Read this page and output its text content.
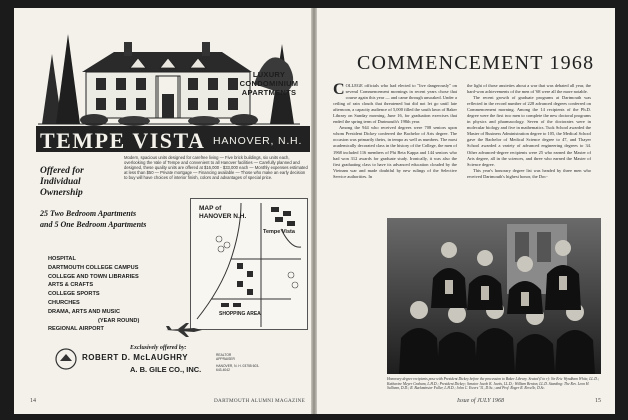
LUXURY CONDOMINIUM APARTMENTS
TEMPE VISTA HANOVER, N.H.
Offered for Individual Ownership
Modern, spacious units designed for carefree living — Five brick buildings, six units each, overlooking the Vale of Tempe and convenient to all Hanover facilities — Carefully planned and designed, these quality units are offered at $16,000 - $33,000 each — Monthly expenses estimated at less than $50 — Private mortgage — Financing available — Those who make an early decision to buy will have choices of interior finish, colors and advantages of special price.
25 Two Bedroom Apartments
and 5 One Bedroom Apartments
HOSPITAL
DARTMOUTH COLLEGE CAMPUS
COLLEGE AND TOWN LIBRARIES
ARTS & CRAFTS
COLLEGE SPORTS
CHURCHES
DRAMA, ARTS AND MUSIC
(YEAR ROUND)
REGIONAL AIRPORT
MAP of HANOVER N.H.
Tempe Vista
SHOPPING AREA
Exclusively offered by:
ROBERT D. McLAUGHRY	REALTOR APPRAISER
A. B. GILE CO., INC.	HANOVER, N. H. 03755 603-643-4042
14	DARTMOUTH ALUMNI MAGAZINE
COMMENCEMENT 1968

COLLEGE officials who had elected to "live dangerously" on several Commencement mornings in recent years chose that course again this year — and came through unsoaked. Under a ceiling of rain clouds that threatened but did not let go until late afternoon, a capacity audience of 5,000 filled the south lawn of Baker Library on Sunday morning, June 16, for graduation exercises that ended the spring term of Dartmouth's 198th year.

Among the 944 who received degrees were 708 seniors upon whom President Dickey conferred the Bachelor of Arts degree. The occasion was primarily theirs, in tempo as well as numbers. The most academically decorated class in the history of the College, the men of 1968 included 116 members of Phi Beta Kappa and 144 seniors who had won 312 awards for graduate study. Ironically, it was also the first graduating class to have its advanced education clouded by the Vietnam war and made doubtful by new rulings of the Selective Service authorities. In

the light of those anxieties about a war that was debated all year, the hard-won achievements of the men of '68 were all the more notable.

The recent growth of graduate programs at Dartmouth was reflected in the record number of 228 advanced degrees conferred on Commencement morning. Among the 14 recipients of the Ph.D. degree were the first two men to complete the new doctoral programs in physics and pharmacology. Seven of the doctorates were in molecular biology and five in mathematics. Tuck School awarded the Master of Business Administration degree to 105, the Medical School gave the Bachelor of Medical Science degree to 47, and Thayer School awarded a variety of advanced engineering degrees to 34. Other advanced-degree recipients were 25 who earned the Master of Arts degree, all in the sciences, and three who earned the Master of Science degree.

This year's honorary degree list was headed by three men who received Dartmouth's highest honor, the Doc-

Honorary degree recipients pose with President Dickey before the procession to Baker Library. Seated (l to r): Sir Eric Wyndham White, LL.D.; Katharine Meyer Graham, L.H.D.; President Dickey; Senator Jacob K. Javits, LL.D.; William Benton, LL.D. Standing: The Rev. Leon H. Sullivan, D.D.; R. Buckminster Fuller, L.H.D.; John C. Ewers '31, D.Sc.; and Prof. Roger R. Revelle, D.Sc.
Issue of JULY 1968	15
